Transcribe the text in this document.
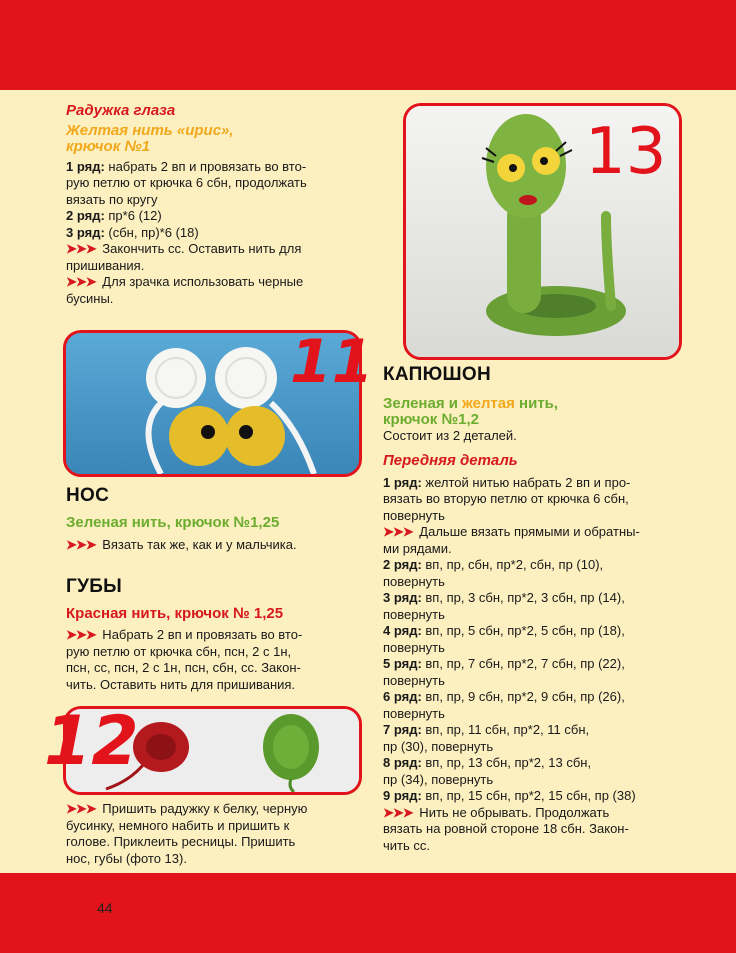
Радужка глаза

Желтая нить «ирис»,

крючок №1

1 ряд: набрать 2 вп и провязать во вто-

рую петлю от крючка 6 сбн, продолжать

вязать по кругу

2 ряд: пр*6 (12)

3 ряд: (сбн, пр)*6 (18)

➤➤➤ Закончить сс. Оставить нить для

пришивания.

➤➤➤ Для зрачка использовать черные

бусины.

11

НОС

Зеленая нить, крючок №1,25

➤➤➤ Вязать так же, как и у мальчика.

ГУБЫ

Красная нить, крючок № 1,25

➤➤➤ Набрать 2 вп и провязать во вто-

рую петлю от крючка сбн, псн, 2 с 1н,

псн, сс, псн, 2 с 1н, псн, сбн, сс. Закон-

чить. Оставить нить для пришивания.

12

➤➤➤ Пришить радужку к белку, черную

бусинку, немного набить и пришить к

голове. Приклеить ресницы. Пришить

нос, губы (фото 13).

13

КАПЮШОН

Зеленая и желтая нить,

крючок №1,2

Состоит из 2 деталей.

Передняя деталь

1 ряд: желтой нитью набрать 2 вп и про-

вязать во вторую петлю от крючка 6 сбн,

повернуть

➤➤➤ Дальше вязать прямыми и обратны-

ми рядами.

2 ряд: вп, пр, сбн, пр*2, сбн, пр (10),

повернуть

3 ряд: вп, пр, 3 сбн, пр*2, 3 сбн, пр (14),

повернуть

4 ряд: вп, пр, 5 сбн, пр*2, 5 сбн, пр (18),

повернуть

5 ряд: вп, пр, 7 сбн, пр*2, 7 сбн, пр (22),

повернуть

6 ряд: вп, пр, 9 сбн, пр*2, 9 сбн, пр (26),

повернуть

7 ряд: вп, пр, 11 сбн, пр*2, 11 сбн,

пр (30), повернуть

8 ряд: вп, пр, 13 сбн, пр*2, 13 сбн,

пр (34), повернуть

9 ряд: вп, пр, 15 сбн, пр*2, 15 сбн, пр (38)

➤➤➤ Нить не обрывать. Продолжать

вязать на ровной стороне 18 сбн. Закон-

чить сс.

44
